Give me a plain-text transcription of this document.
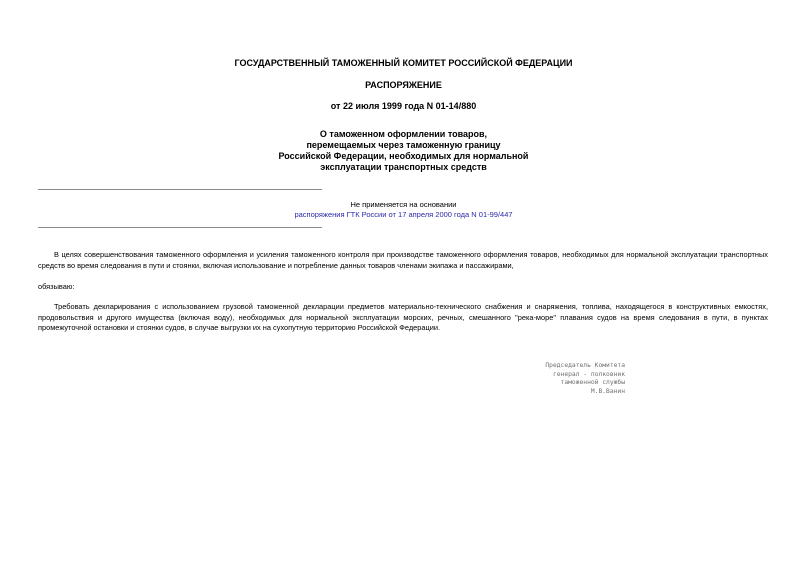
ГОСУДАРСТВЕННЫЙ ТАМОЖЕННЫЙ КОМИТЕТ РОССИЙСКОЙ ФЕДЕРАЦИИ
РАСПОРЯЖЕНИЕ
от 22 июля 1999 года N 01-14/880
О таможенном оформлении товаров,
перемещаемых через таможенную границу
Российской Федерации, необходимых для нормальной
эксплуатации транспортных средств
Не применяется на основании
распоряжения ГТК России от 17 апреля 2000 года N 01-99/447
В целях совершенствования таможенного оформления и усиления таможенного контроля при производстве таможенного оформления товаров, необходимых для нормальной эксплуатации транспортных средств во время следования в пути и стоянки, включая использование и потребление данных товаров членами экипажа и пассажирами,
обязываю:
Требовать декларирования с использованием грузовой таможенной декларации предметов материально-технического снабжения и снаряжения, топлива, находящегося в конструктивных емкостях, продовольствия и другого имущества (включая воду), необходимых для нормальной эксплуатации морских, речных, смешанного "река-море" плавания судов на время следования в пути, в пунктах промежуточной остановки и стоянки судов, в случае выгрузки их на сухопутную территорию Российской Федерации.
Председатель Комитета
генерал - полковник
таможенной службы
М.В.Ванин
